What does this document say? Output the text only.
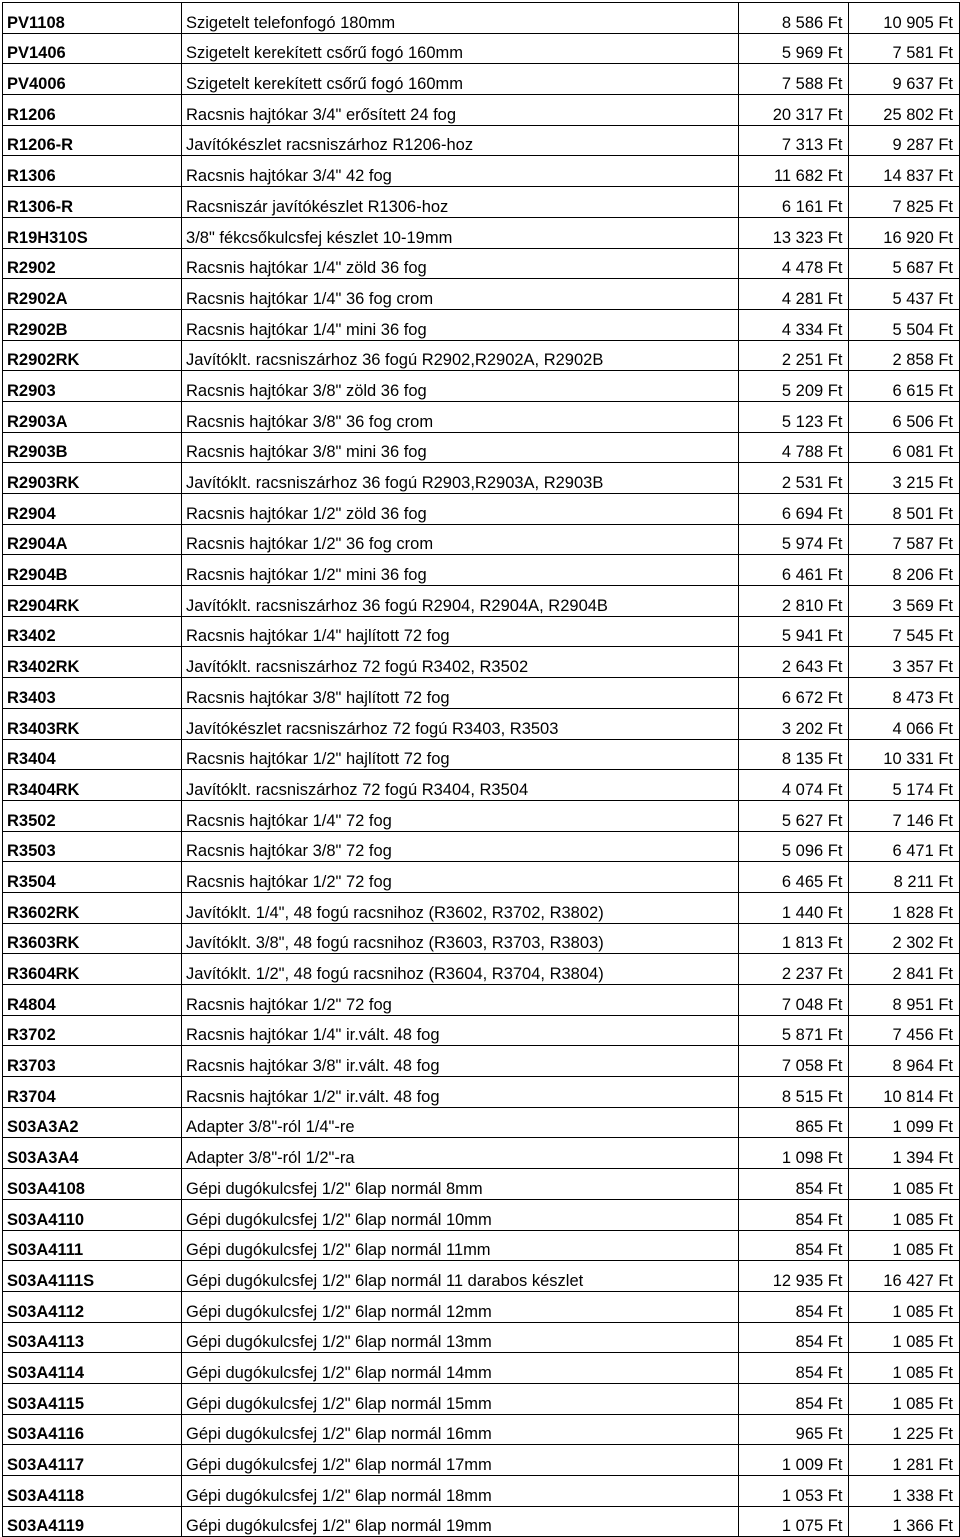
PV1108	Szigetelt telefonfogó 180mm	8 586 Ft	10 905 Ft
PV1406	Szigetelt kerekített csőrű fogó 160mm	5 969 Ft	7 581 Ft
PV4006	Szigetelt kerekített csőrű fogó 160mm	7 588 Ft	9 637 Ft
R1206	Racsnis hajtókar 3/4" erősített 24 fog	20 317 Ft	25 802 Ft
R1206-R	Javítókészlet racsniszárhoz R1206-hoz	7 313 Ft	9 287 Ft
R1306	Racsnis hajtókar 3/4" 42 fog	11 682 Ft	14 837 Ft
R1306-R	Racsniszár javítókészlet R1306-hoz	6 161 Ft	7 825 Ft
R19H310S	3/8" fékcsőkulcsfej készlet 10-19mm	13 323 Ft	16 920 Ft
R2902	Racsnis hajtókar 1/4" zöld 36 fog	4 478 Ft	5 687 Ft
R2902A	Racsnis hajtókar 1/4" 36 fog crom	4 281 Ft	5 437 Ft
R2902B	Racsnis hajtókar 1/4" mini 36 fog	4 334 Ft	5 504 Ft
R2902RK	Javítóklt. racsniszárhoz 36 fogú R2902,R2902A, R2902B	2 251 Ft	2 858 Ft
R2903	Racsnis hajtókar 3/8" zöld 36 fog	5 209 Ft	6 615 Ft
R2903A	Racsnis hajtókar 3/8" 36 fog crom	5 123 Ft	6 506 Ft
R2903B	Racsnis hajtókar 3/8" mini 36 fog	4 788 Ft	6 081 Ft
R2903RK	Javítóklt. racsniszárhoz 36 fogú R2903,R2903A, R2903B	2 531 Ft	3 215 Ft
R2904	Racsnis hajtókar 1/2" zöld 36 fog	6 694 Ft	8 501 Ft
R2904A	Racsnis hajtókar 1/2" 36 fog crom	5 974 Ft	7 587 Ft
R2904B	Racsnis hajtókar 1/2" mini 36 fog	6 461 Ft	8 206 Ft
R2904RK	Javítóklt. racsniszárhoz 36 fogú R2904, R2904A, R2904B	2 810 Ft	3 569 Ft
R3402	Racsnis hajtókar 1/4" hajlított 72 fog	5 941 Ft	7 545 Ft
R3402RK	Javítóklt. racsniszárhoz 72 fogú R3402, R3502	2 643 Ft	3 357 Ft
R3403	Racsnis hajtókar 3/8" hajlított 72 fog	6 672 Ft	8 473 Ft
R3403RK	Javítókészlet racsniszárhoz 72 fogú R3403, R3503	3 202 Ft	4 066 Ft
R3404	Racsnis hajtókar 1/2" hajlított 72 fog	8 135 Ft	10 331 Ft
R3404RK	Javítóklt. racsniszárhoz 72 fogú R3404, R3504	4 074 Ft	5 174 Ft
R3502	Racsnis hajtókar 1/4" 72 fog	5 627 Ft	7 146 Ft
R3503	Racsnis hajtókar 3/8" 72 fog	5 096 Ft	6 471 Ft
R3504	Racsnis hajtókar 1/2" 72 fog	6 465 Ft	8 211 Ft
R3602RK	Javítóklt. 1/4", 48 fogú racsnihoz (R3602, R3702, R3802)	1 440 Ft	1 828 Ft
R3603RK	Javítóklt. 3/8", 48 fogú racsnihoz (R3603, R3703, R3803)	1 813 Ft	2 302 Ft
R3604RK	Javítóklt. 1/2", 48 fogú racsnihoz (R3604, R3704, R3804)	2 237 Ft	2 841 Ft
R4804	Racsnis hajtókar 1/2" 72 fog	7 048 Ft	8 951 Ft
R3702	Racsnis hajtókar 1/4" ir.vált. 48 fog	5 871 Ft	7 456 Ft
R3703	Racsnis hajtókar 3/8" ir.vált. 48 fog	7 058 Ft	8 964 Ft
R3704	Racsnis hajtókar 1/2" ir.vált. 48 fog	8 515 Ft	10 814 Ft
S03A3A2	Adapter 3/8"-ról 1/4"-re	865 Ft	1 099 Ft
S03A3A4	Adapter 3/8"-ról 1/2"-ra	1 098 Ft	1 394 Ft
S03A4108	Gépi dugókulcsfej 1/2" 6lap normál 8mm	854 Ft	1 085 Ft
S03A4110	Gépi dugókulcsfej 1/2" 6lap normál 10mm	854 Ft	1 085 Ft
S03A4111	Gépi dugókulcsfej 1/2" 6lap normál 11mm	854 Ft	1 085 Ft
S03A4111S	Gépi dugókulcsfej 1/2" 6lap normál 11 darabos készlet	12 935 Ft	16 427 Ft
S03A4112	Gépi dugókulcsfej 1/2" 6lap normál 12mm	854 Ft	1 085 Ft
S03A4113	Gépi dugókulcsfej 1/2" 6lap normál 13mm	854 Ft	1 085 Ft
S03A4114	Gépi dugókulcsfej 1/2" 6lap normál 14mm	854 Ft	1 085 Ft
S03A4115	Gépi dugókulcsfej 1/2" 6lap normál 15mm	854 Ft	1 085 Ft
S03A4116	Gépi dugókulcsfej 1/2" 6lap normál 16mm	965 Ft	1 225 Ft
S03A4117	Gépi dugókulcsfej 1/2" 6lap normál 17mm	1 009 Ft	1 281 Ft
S03A4118	Gépi dugókulcsfej 1/2" 6lap normál 18mm	1 053 Ft	1 338 Ft
S03A4119	Gépi dugókulcsfej 1/2" 6lap normál 19mm	1 075 Ft	1 366 Ft
